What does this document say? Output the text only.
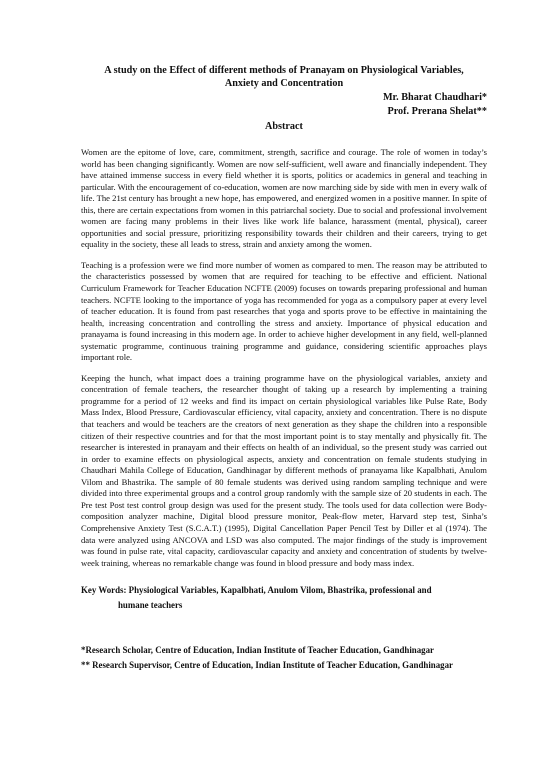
A study on the Effect of different methods of Pranayam on Physiological Variables,
Anxiety and Concentration
Mr. Bharat Chaudhari*
Prof. Prerana Shelat**
Abstract

Women are the epitome of love, care, commitment, strength, sacrifice and courage. The role of women in today’s world has been changing significantly. Women are now self-sufficient, well aware and financially independent. They have attained immense success in every field whether it is sports, politics or academics in general and teaching in particular. With the encouragement of co-education, women are now marching side by side with men in every walk of life. The 21st century has brought a new hope, has empowered, and energized women in a positive manner. In spite of this, there are certain expectations from women in this patriarchal society. Due to social and professional involvement women are facing many problems in their lives like work life balance, harassment (mental, physical), career opportunities and social pressure, prioritizing responsibility towards their children and their careers, trying to get equality in the society, these all leads to stress, strain and anxiety among the women.

Teaching is a profession were we find more number of women as compared to men. The reason may be attributed to the characteristics possessed by women that are required for teaching to be effective and efficient. National Curriculum Framework for Teacher Education NCFTE (2009) focuses on towards preparing professional and human teachers. NCFTE looking to the importance of yoga has recommended for yoga as a compulsory paper at every level of teacher education. It is found from past researches that yoga and sports prove to be effective in maintaining the health, increasing concentration and controlling the stress and anxiety. Importance of physical education and pranayama is found increasing in this modern age. In order to achieve higher development in any field, well-planned systematic programme, continuous training programme and guidance, considering scientific approaches plays important role.

Keeping the hunch, what impact does a training programme have on the physiological variables, anxiety and concentration of female teachers, the researcher thought of taking up a research by implementing a training programme for a period of 12 weeks and find its impact on certain physiological variables like Pulse Rate, Body Mass Index, Blood Pressure, Cardiovascular efficiency, vital capacity, anxiety and concentration. There is no dispute that teachers and would be teachers are the creators of next generation as they shape the children into a responsible citizen of their respective countries and for that the most important point is to stay mentally and physically fit. The researcher is interested in pranayam and their effects on health of an individual, so the present study was carried out in order to examine effects on physiological aspects, anxiety and concentration on female students studying in Chaudhari Mahila College of Education, Gandhinagar by different methods of pranayama like Kapalbhati, Anulom Vilom and Bhastrika. The sample of 80 female students was derived using random sampling technique and were divided into three experimental groups and a control group randomly with the sample size of 20 students in each. The Pre test Post test control group design was used for the present study. The tools used for data collection were Body-composition analyzer machine, Digital blood pressure monitor, Peak-flow meter, Harvard step test, Sinha’s Comprehensive Anxiety Test (S.C.A.T.) (1995), Digital Cancellation Paper Pencil Test by Diller et al (1974). The data were analyzed using ANCOVA and LSD was also computed. The major findings of the study is improvement was found in pulse rate, vital capacity, cardiovascular capacity and anxiety and concentration of students by twelve-week training, whereas no remarkable change was found in blood pressure and body mass index.

Key Words: Physiological Variables, Kapalbhati, Anulom Vilom, Bhastrika, professional and
humane teachers

*Research Scholar, Centre of Education, Indian Institute of Teacher Education, Gandhinagar

** Research Supervisor, Centre of Education, Indian Institute of Teacher Education, Gandhinagar
